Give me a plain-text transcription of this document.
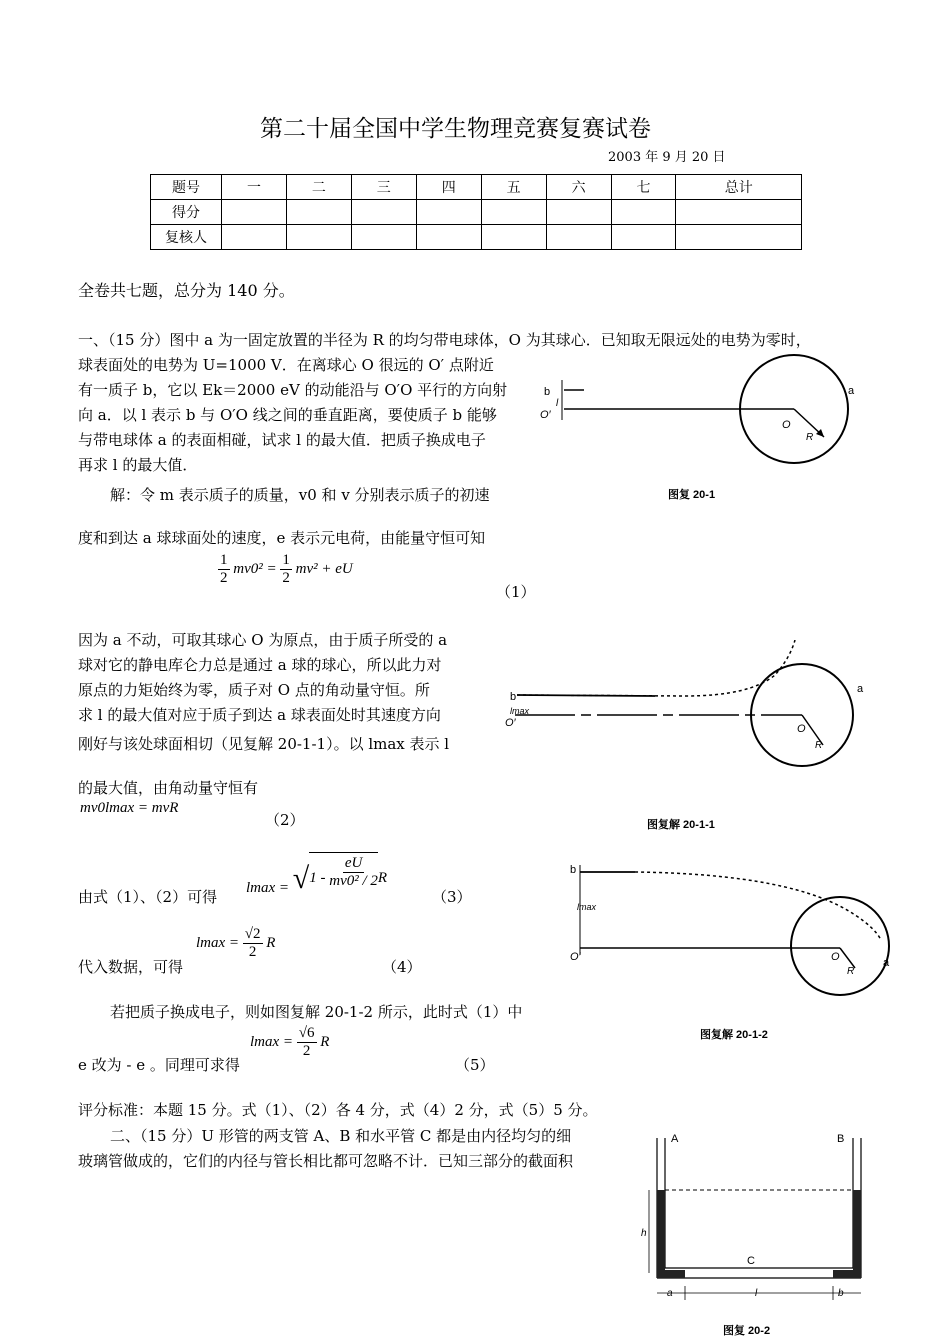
第二十届全国中学生物理竞赛复赛试卷
2003 年 9 月 20 日
题号	一	二	三	四	五	六	七	总计
得分								
复核人								
全卷共七题，总分为 140 分。
一、（15 分）图中 a 为一固定放置的半径为 R 的均匀带电球体，O 为其球心．已知取无限远处的电势为零时，
球表面处的电势为 U=1000 V．在离球心 O 很远的 O′ 点附近
有一质子 b，它以 Ek＝2000 eV 的动能沿与 O′O 平行的方向射
向 a．以 l 表示 b 与 O′O 线之间的垂直距离，要使质子 b 能够
与带电球体 a 的表面相碰，试求 l 的最大值．把质子换成电子
再求 l 的最大值．
解：令 m 表示质子的质量，v0 和 v 分别表示质子的初速
度和到达 a 球球面处的速度，e 表示元电荷，由能量守恒可知
$\frac{1}{2} mv0^2 = \frac{1}{2} mv^2$ + eU
（1）
因为 a 不动，可取其球心 O 为原点，由于质子所受的 a
球对它的静电库仑力总是通过 a 球的球心，所以此力对
原点的力矩始终为零，质子对 O 点的角动量守恒。所
求 l 的最大值对应于质子到达 a 球表面处时其速度方向
刚好与该处球面相切（见复解 20-1-1）。以 lmax 表示 l
的最大值，由角动量守恒有
mv0lmax = mvR
（2）
由式（1）、（2）可得 $lmax = √1 - \frac{eU}{\text{mv0² / 2}}$ R
（3）
代入数据，可得
$lmax = \frac{√2}{2}$ R
（4）
若把质子换成电子，则如图复解 20-1-2 所示，此时式（1）中
e 改为 - e 。同理可求得
$lmax = \frac{√6}{2}$ R
（5）
评分标准：本题 15 分。式（1）、（2）各 4 分，式（4）2 分，式（5）5 分。
二、（15 分）U 形管的两支管 A、B 和水平管 C 都是由内径均匀的细
玻璃管做成的，它们的内径与管长相比都可忽略不计．已知三部分的截面积
b
l
O′
O
R
a
图复 20-1
b
lmax
O′	O
R
a
图复解 20-1-1
b
lmax
O′	O
R
a
图复解 20-1-2
A	B
h
C
a	l	b
图复 20-2
